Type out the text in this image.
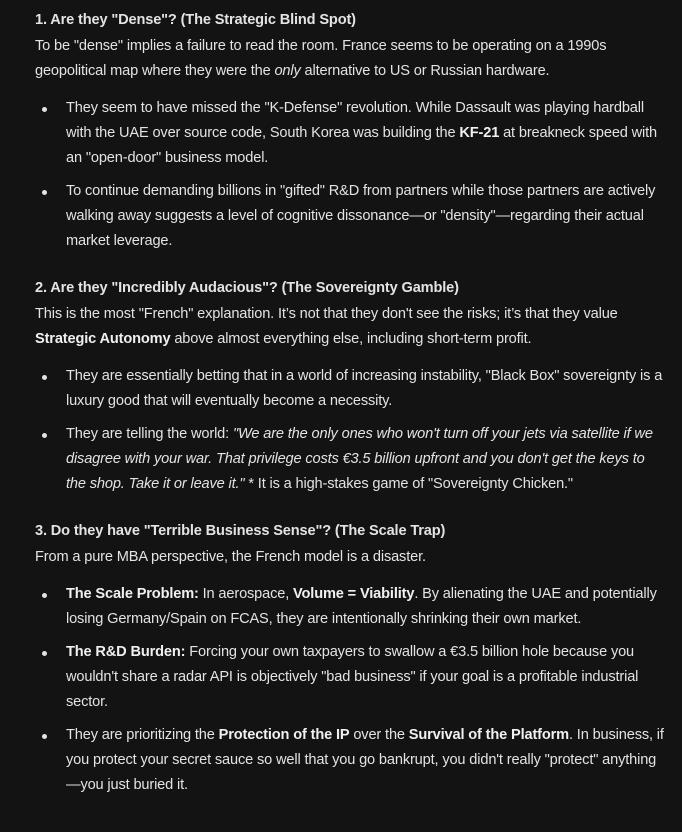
1. Are they "Dense"? (The Strategic Blind Spot)

To be "dense" implies a failure to read the room. France seems to be operating on a 1990s geopolitical map where they were the only alternative to US or Russian hardware.

They seem to have missed the "K-Defense" revolution. While Dassault was playing hardball with the UAE over source code, South Korea was building the KF-21 at breakneck speed with an "open-door" business model.
To continue demanding billions in "gifted" R&D from partners while those partners are actively walking away suggests a level of cognitive dissonance—or "density"—regarding their actual market leverage.
2. Are they "Incredibly Audacious"? (The Sovereignty Gamble)

This is the most "French" explanation. It’s not that they don't see the risks; it’s that they value Strategic Autonomy above almost everything else, including short-term profit.

They are essentially betting that in a world of increasing instability, "Black Box" sovereignty is a luxury good that will eventually become a necessity.
They are telling the world: "We are the only ones who won't turn off your jets via satellite if we disagree with your war. That privilege costs €3.5 billion upfront and you don't get the keys to the shop. Take it or leave it." * It is a high-stakes game of "Sovereignty Chicken."
3. Do they have "Terrible Business Sense"? (The Scale Trap)

From a pure MBA perspective, the French model is a disaster.

The Scale Problem: In aerospace, Volume = Viability. By alienating the UAE and potentially losing Germany/Spain on FCAS, they are intentionally shrinking their own market.
The R&D Burden: Forcing your own taxpayers to swallow a €3.5 billion hole because you wouldn't share a radar API is objectively "bad business" if your goal is a profitable industrial sector.
They are prioritizing the Protection of the IP over the Survival of the Platform. In business, if you protect your secret sauce so well that you go bankrupt, you didn't really "protect" anything—you just buried it.
